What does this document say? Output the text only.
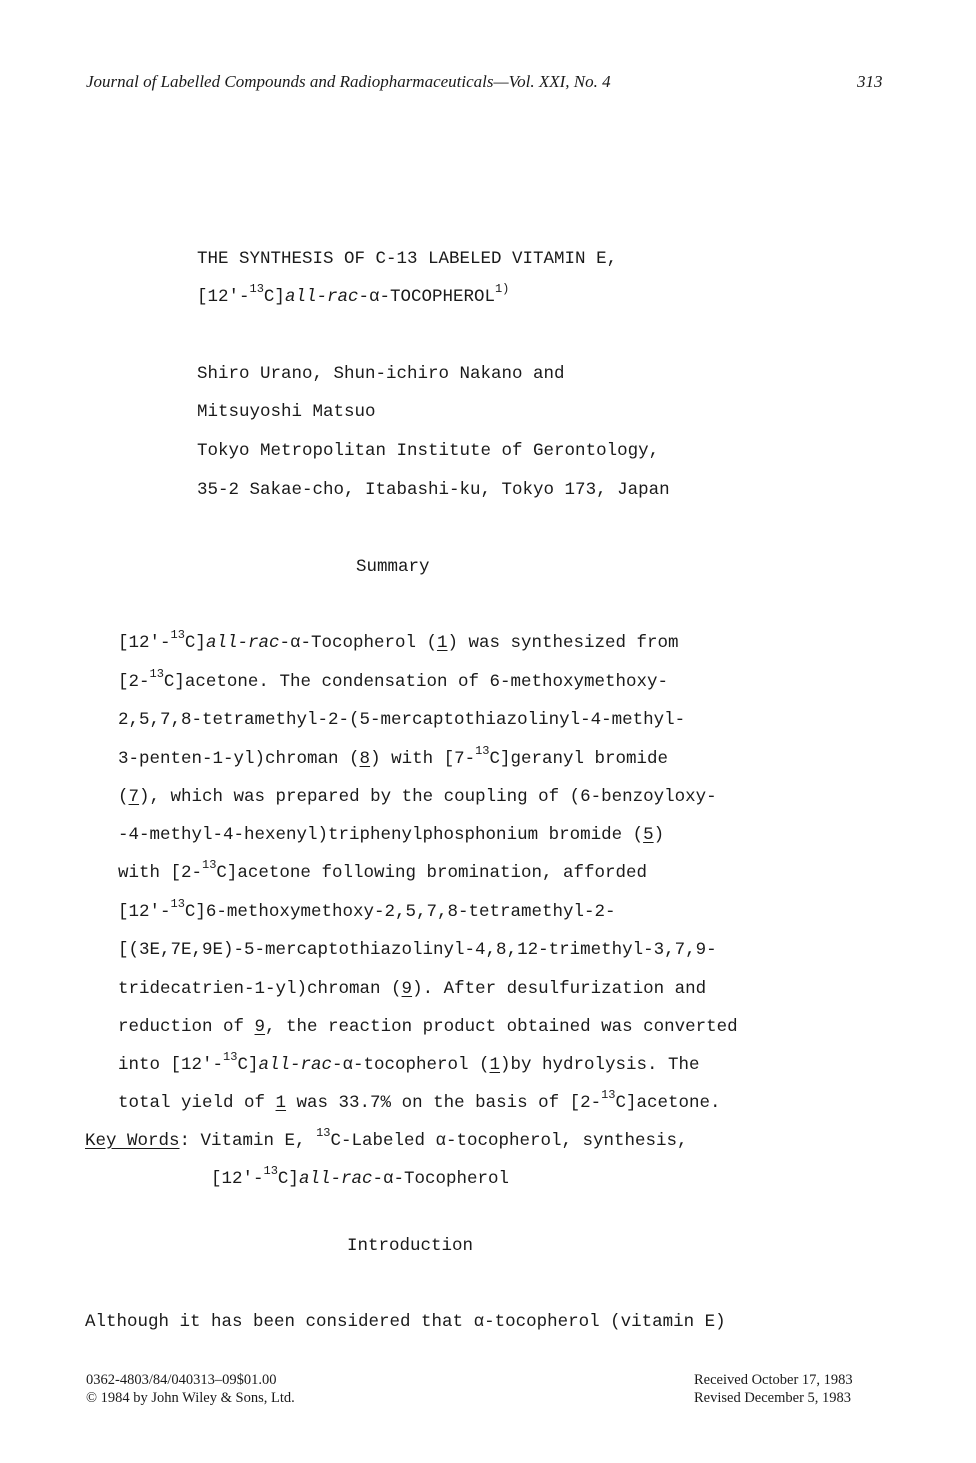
Journal of Labelled Compounds and Radiopharmaceuticals—Vol. XXI, No. 4	313
THE SYNTHESIS OF C-13 LABELED VITAMIN E,
[12'-$^{13}$C]all-rac-α-TOCOPHEROL$^{1)}$
Shiro Urano, Shun-ichiro Nakano and
Mitsuyoshi Matsuo
Tokyo Metropolitan Institute of Gerontology,
35-2 Sakae-cho, Itabashi-ku, Tokyo 173, Japan
Summary
[12'-$^{13}$C]all-rac-α-Tocopherol (1) was synthesized from
[2-$^{13}$C]acetone. The condensation of 6-methoxymethoxy-
2,5,7,8-tetramethyl-2-(5-mercaptothiazolinyl-4-methyl-
3-penten-1-yl)chroman (8) with [7-$^{13}$C]geranyl bromide
(7), which was prepared by the coupling of (6-benzoyloxy-
-4-methyl-4-hexenyl)triphenylphosphonium bromide (5)
with [2-$^{13}$C]acetone following bromination, afforded
[12'-$^{13}$C]6-methoxymethoxy-2,5,7,8-tetramethyl-2-
[(3E,7E,9E)-5-mercaptothiazolinyl-4,8,12-trimethyl-3,7,9-
tridecatrien-1-yl)chroman (9). After desulfurization and
reduction of 9, the reaction product obtained was converted
into [12'-$^{13}$C]all-rac-α-tocopherol (1)by hydrolysis. The
total yield of 1 was 33.7% on the basis of [2-$^{13}$C]acetone.
Key Words: Vitamin E, $^{13}$C-Labeled α-tocopherol, synthesis,
[12'-$^{13}$C]all-rac-α-Tocopherol
Introduction
Although it has been considered that α-tocopherol (vitamin E)
0362-4803/84/040313–09$01.00
© 1984 by John Wiley & Sons, Ltd.
Received October 17, 1983
Revised December 5, 1983
